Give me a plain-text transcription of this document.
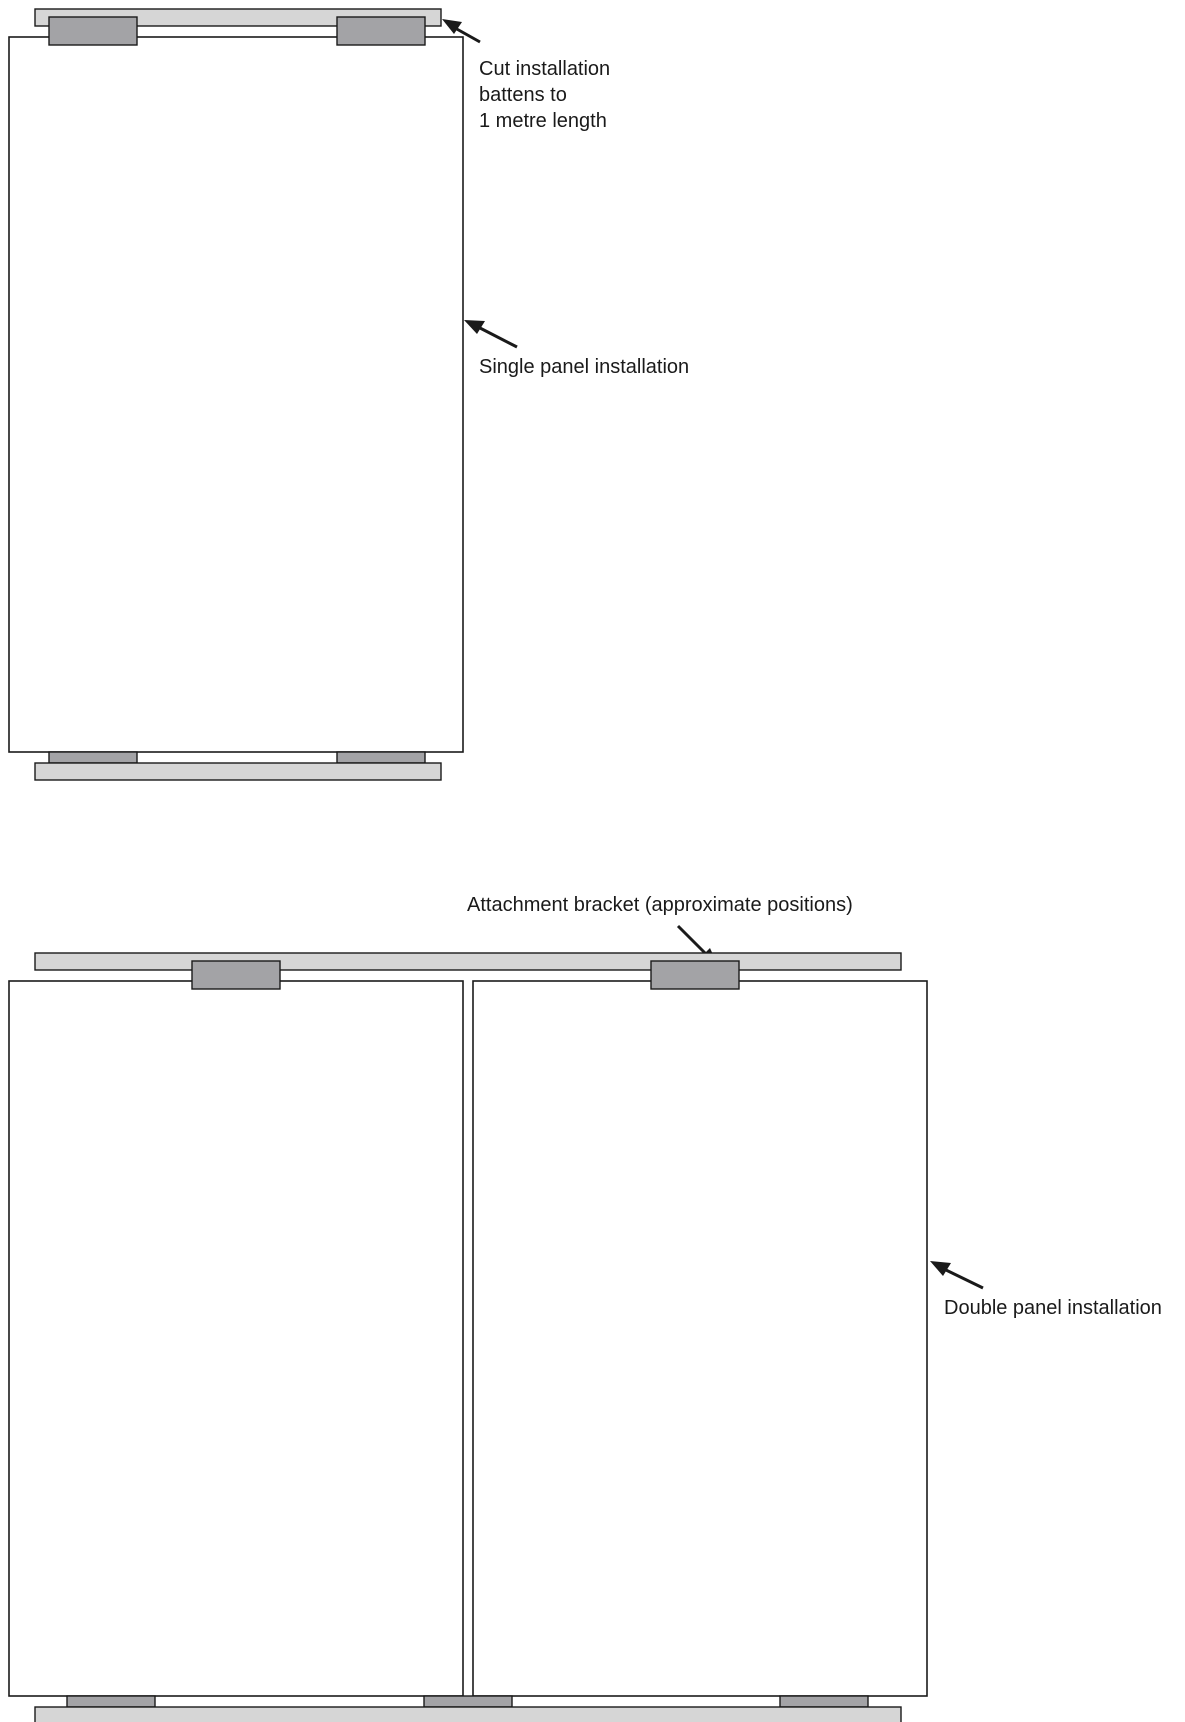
Cut installation battens to 1 metre length
Single panel installation
Attachment bracket (approximate positions)
Double panel installation
